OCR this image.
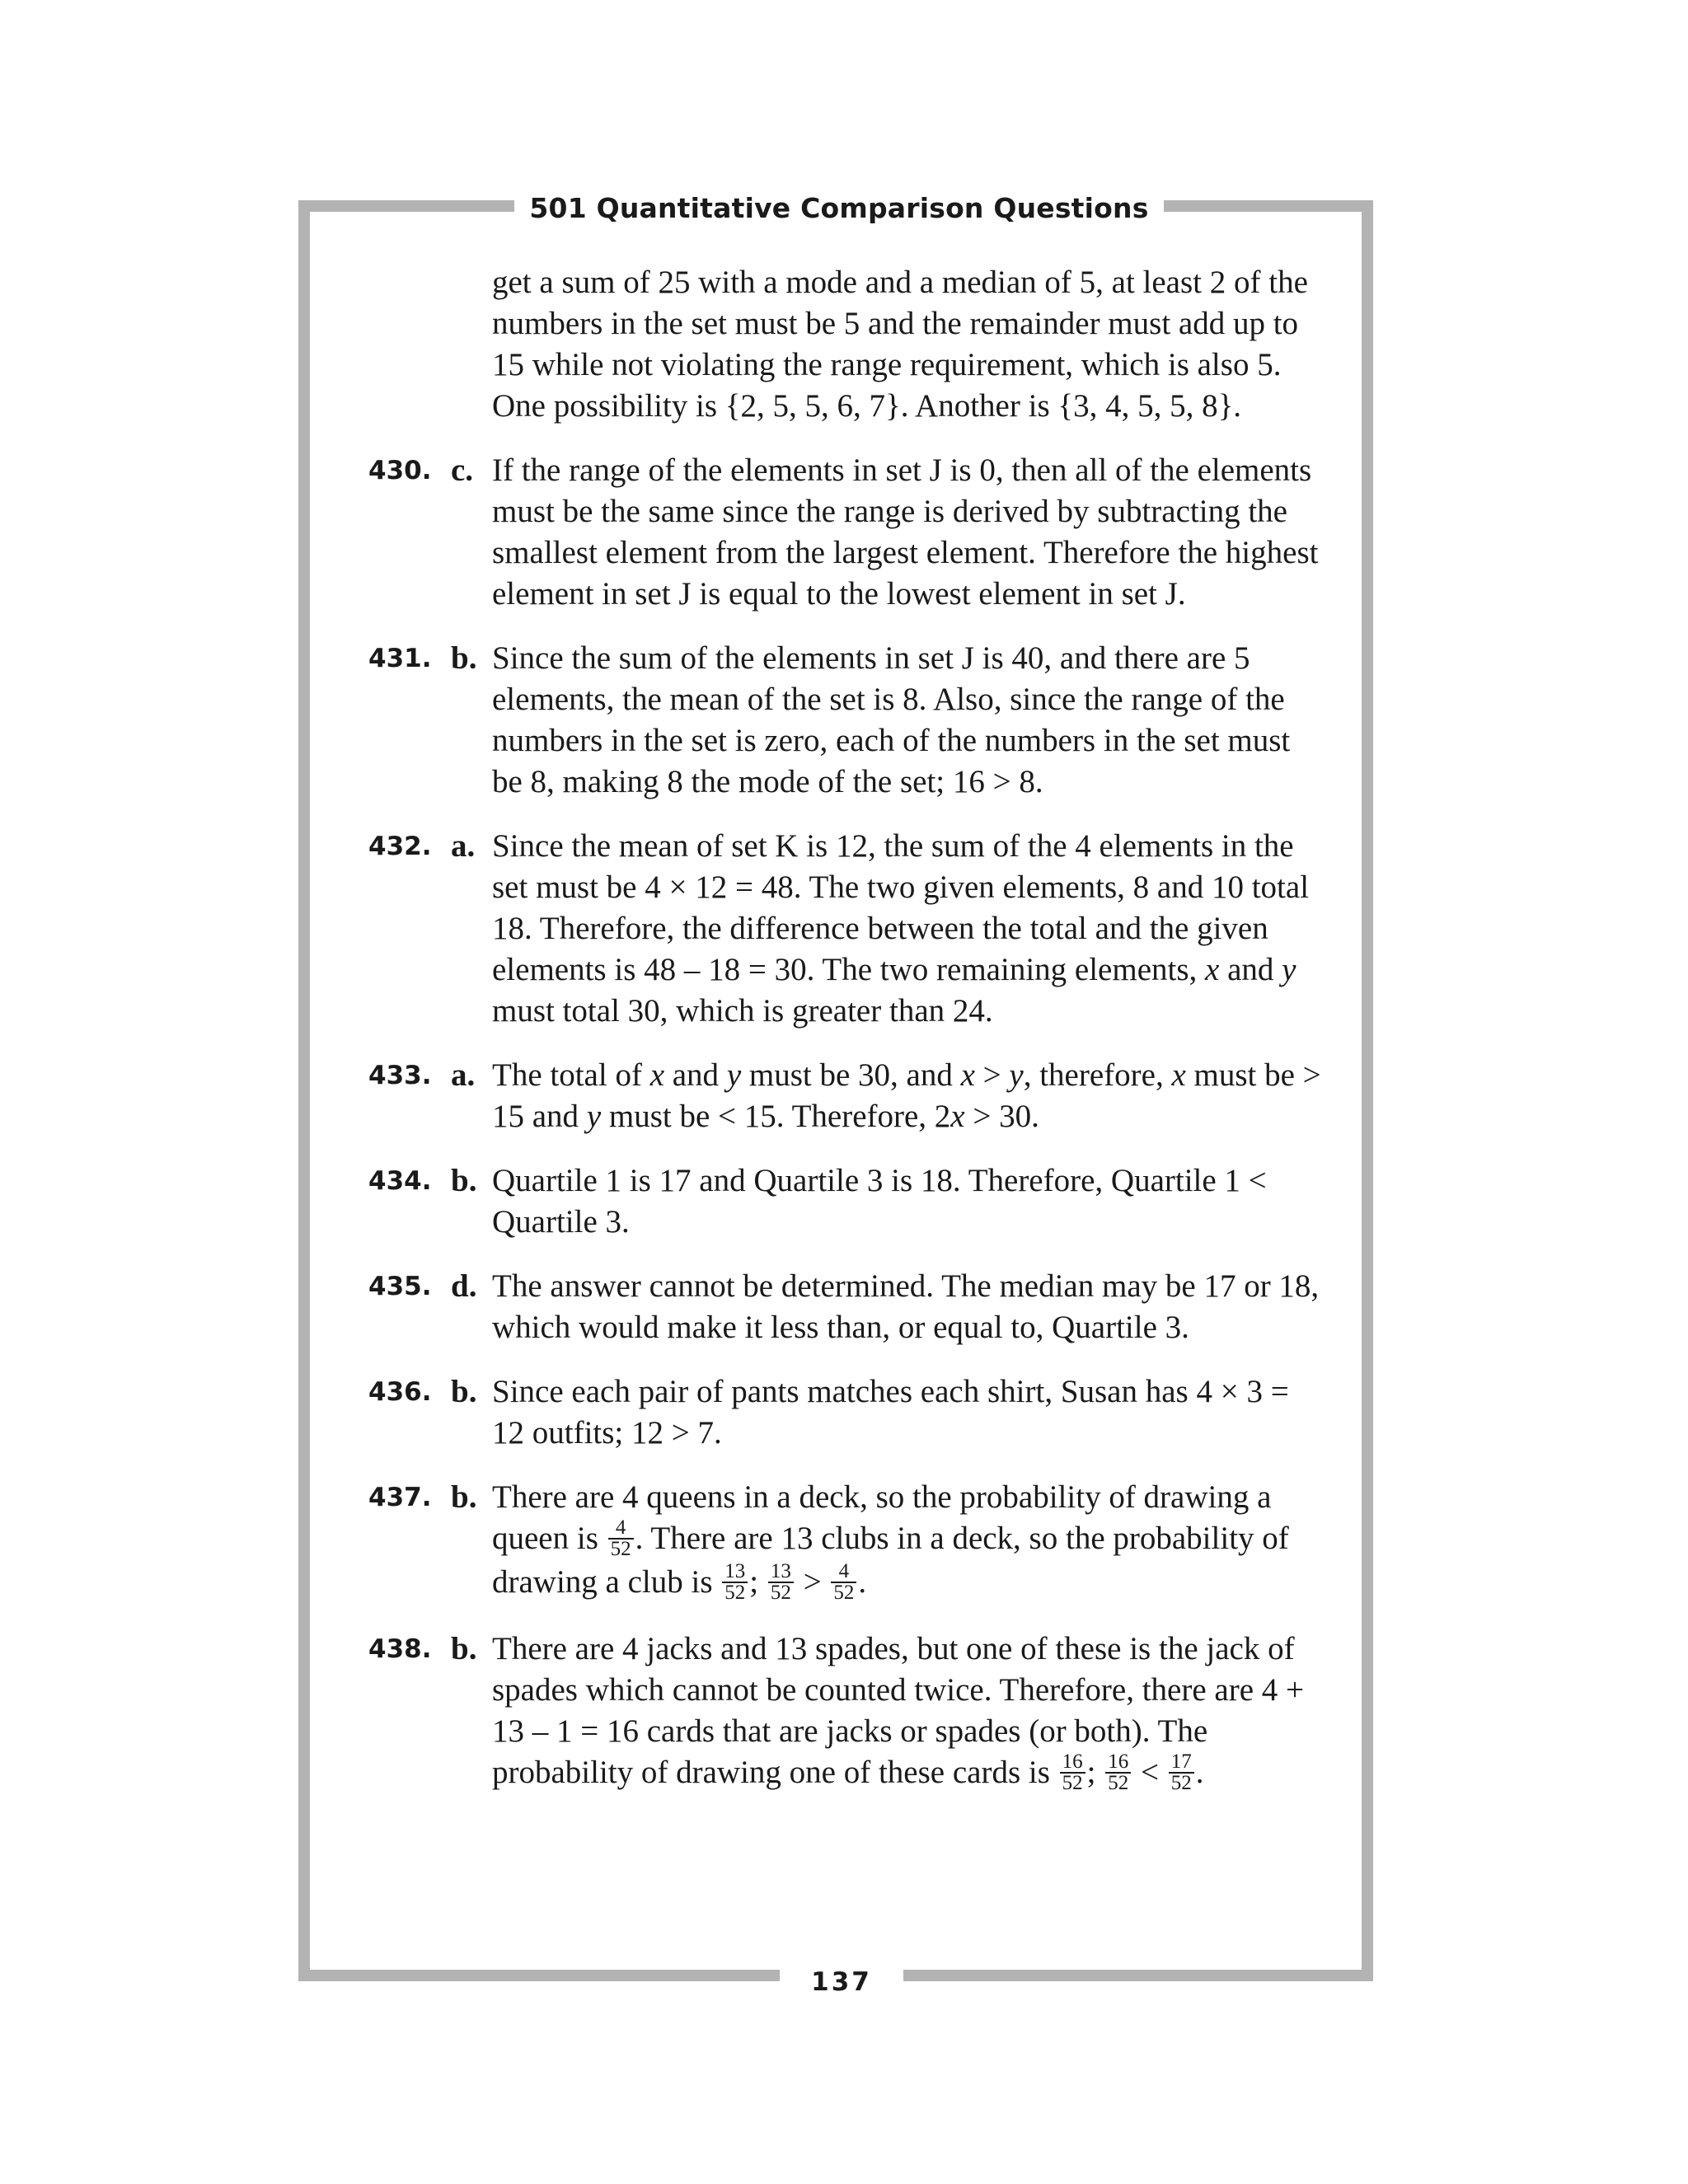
501 Quantitative Comparison Questions
get a sum of 25 with a mode and a median of 5, at least 2 of the numbers in the set must be 5 and the remainder must add up to 15 while not violating the range requirement, which is also 5. One possibility is {2, 5, 5, 6, 7}. Another is {3, 4, 5, 5, 8}.
430. c. If the range of the elements in set J is 0, then all of the elements must be the same since the range is derived by subtracting the smallest element from the largest element. Therefore the highest element in set J is equal to the lowest element in set J.
431. b. Since the sum of the elements in set J is 40, and there are 5 elements, the mean of the set is 8. Also, since the range of the numbers in the set is zero, each of the numbers in the set must be 8, making 8 the mode of the set; 16 > 8.
432. a. Since the mean of set K is 12, the sum of the 4 elements in the set must be 4 × 12 = 48. The two given elements, 8 and 10 total 18. Therefore, the difference between the total and the given elements is 48 – 18 = 30. The two remaining elements, x and y must total 30, which is greater than 24.
433. a. The total of x and y must be 30, and x > y, therefore, x must be > 15 and y must be < 15. Therefore, 2x > 30.
434. b. Quartile 1 is 17 and Quartile 3 is 18. Therefore, Quartile 1 < Quartile 3.
435. d. The answer cannot be determined. The median may be 17 or 18, which would make it less than, or equal to, Quartile 3.
436. b. Since each pair of pants matches each shirt, Susan has 4 × 3 = 12 outfits; 12 > 7.
437. b. There are 4 queens in a deck, so the probability of drawing a queen is $\frac{4}{52}$ . There are 13 clubs in a deck, so the probability of drawing a club is $\frac{13}{52}$ ; $\frac{13}{52} > \frac{4}{52}$ .
438. b. There are 4 jacks and 13 spades, but one of these is the jack of spades which cannot be counted twice. Therefore, there are 4 + 13 – 1 = 16 cards that are jacks or spades (or both). The probability of drawing one of these cards is $\frac{16}{52}$ ; $\frac{16}{52} < \frac{17}{52}$ .
137
